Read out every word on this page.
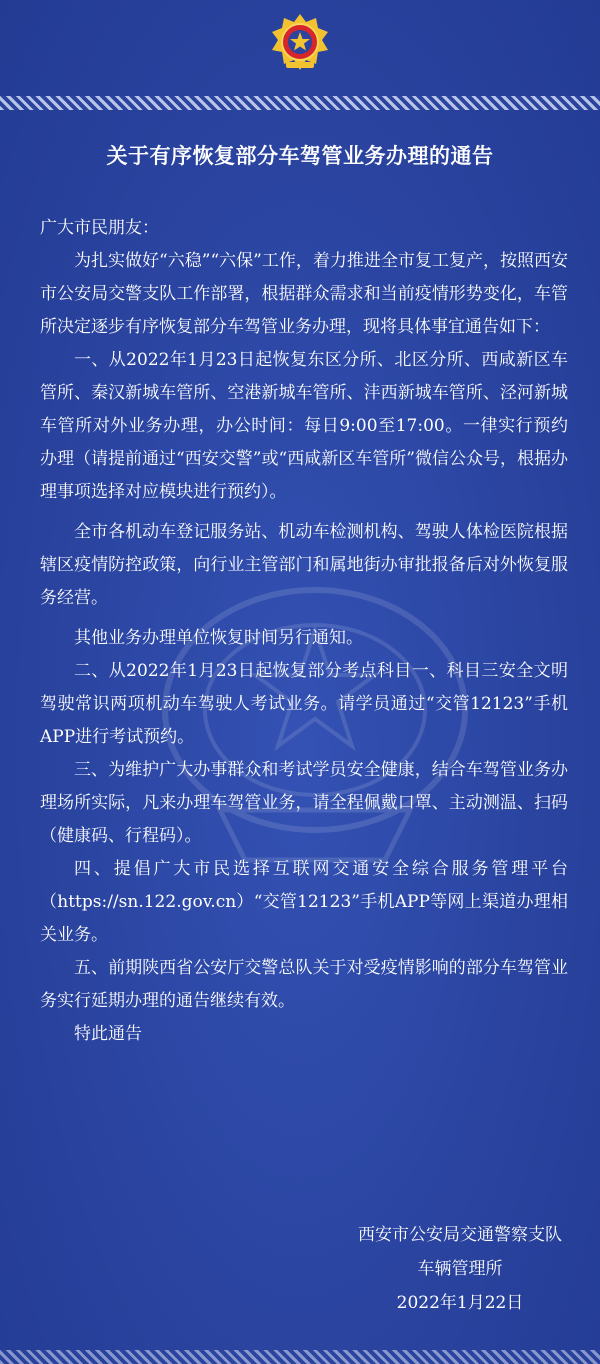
关于有序恢复部分车驾管业务办理的通告

广大市民朋友：

为扎实做好“六稳”“六保”工作，着力推进全市复工复产，按照西安市公安局交警支队工作部署，根据群众需求和当前疫情形势变化，车管所决定逐步有序恢复部分车驾管业务办理，现将具体事宜通告如下：

一、从2022年1月23日起恢复东区分所、北区分所、西咸新区车管所、秦汉新城车管所、空港新城车管所、沣西新城车管所、泾河新城车管所对外业务办理，办公时间：每日9:00至17:00。一律实行预约办理（请提前通过“西安交警”或“西咸新区车管所”微信公众号，根据办理事项选择对应模块进行预约）。

全市各机动车登记服务站、机动车检测机构、驾驶人体检医院根据辖区疫情防控政策，向行业主管部门和属地街办审批报备后对外恢复服务经营。

其他业务办理单位恢复时间另行通知。

二、从2022年1月23日起恢复部分考点科目一、科目三安全文明驾驶常识两项机动车驾驶人考试业务。请学员通过“交管12123”手机APP进行考试预约。

三、为维护广大办事群众和考试学员安全健康，结合车驾管业务办理场所实际，凡来办理车驾管业务，请全程佩戴口罩、主动测温、扫码（健康码、行程码）。

四、提倡广大市民选择互联网交通安全综合服务管理平台（https://sn.122.gov.cn）“交管12123”手机APP等网上渠道办理相关业务。

五、前期陕西省公安厅交警总队关于对受疫情影响的部分车驾管业务实行延期办理的通告继续有效。

特此通告

西安市公安局交通警察支队
车辆管理所
2022年1月22日
